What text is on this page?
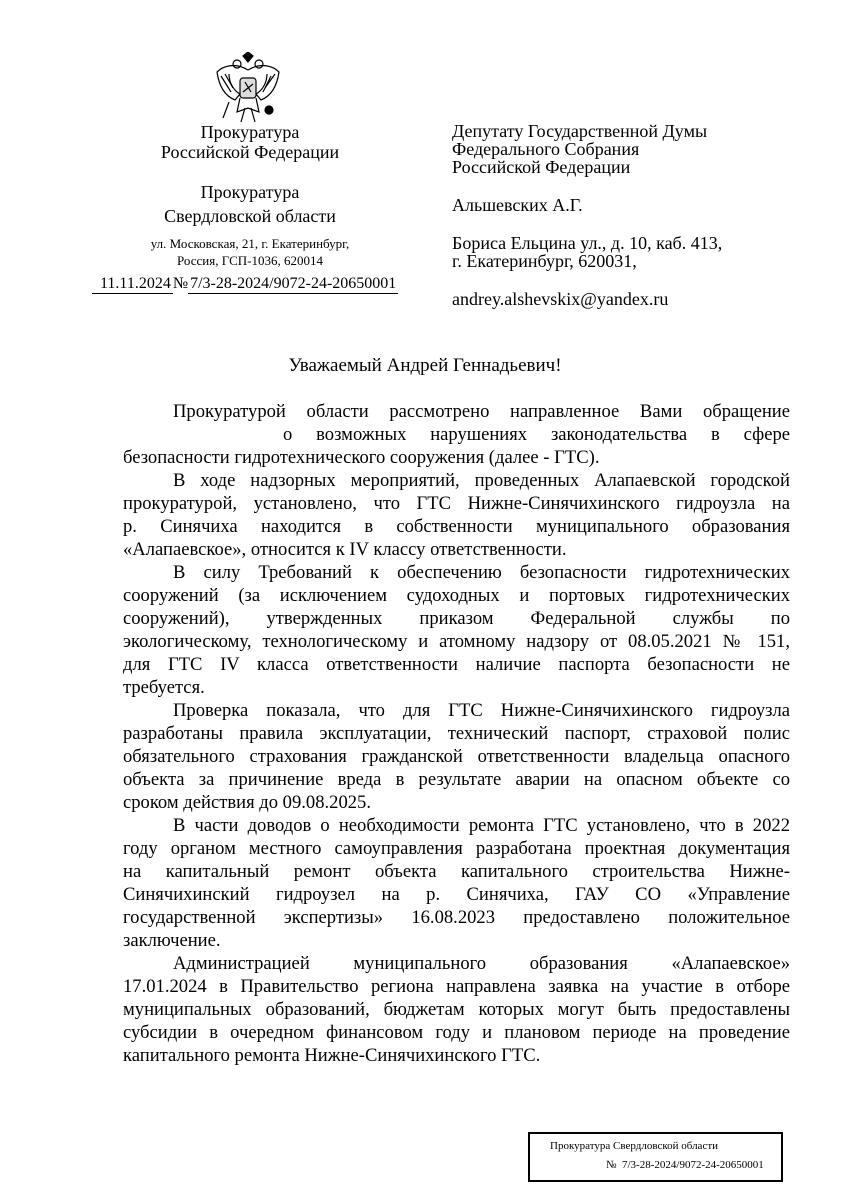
Прокуратура
Российской Федерации
Прокуратура
Свердловской области
ул. Московская, 21, г. Екатеринбург,
Россия, ГСП-1036, 620014
11.11.2024 № 7/3-28-2024/9072-24-20650001
Депутату Государственной Думы
Федерального Собрания
Российской Федерации
Альшевских А.Г.
Бориса Ельцина ул., д. 10, каб. 413,
г. Екатеринбург, 620031,
andrey.alshevskix@yandex.ru
Уважаемый Андрей Геннадьевич!
Прокуратурой области рассмотрено направленное Вами обращение
о возможных нарушениях законодательства в сфере
безопасности гидротехнического сооружения (далее - ГТС).
В ходе надзорных мероприятий, проведенных Алапаевской городской
прокуратурой, установлено, что ГТС Нижне-Синячихинского гидроузла на
р. Синячиха находится в собственности муниципального образования
«Алапаевское», относится к IV классу ответственности.
В силу Требований к обеспечению безопасности гидротехнических
сооружений (за исключением судоходных и портовых гидротехнических
сооружений), утвержденных приказом Федеральной службы по
экологическому, технологическому и атомному надзору от 08.05.2021 № 151,
для ГТС IV класса ответственности наличие паспорта безопасности не
требуется.
Проверка показала, что для ГТС Нижне-Синячихинского гидроузла
разработаны правила эксплуатации, технический паспорт, страховой полис
обязательного страхования гражданской ответственности владельца опасного
объекта за причинение вреда в результате аварии на опасном объекте со
сроком действия до 09.08.2025.
В части доводов о необходимости ремонта ГТС установлено, что в 2022
году органом местного самоуправления разработана проектная документация
на капитальный ремонт объекта капитального строительства Нижне-
Синячихинский гидроузел на р. Синячиха, ГАУ СО «Управление
государственной экспертизы» 16.08.2023 предоставлено положительное
заключение.
Администрацией муниципального образования «Алапаевское»
17.01.2024 в Правительство региона направлена заявка на участие в отборе
муниципальных образований, бюджетам которых могут быть предоставлены
субсидии в очередном финансовом году и плановом периоде на проведение
капитального ремонта Нижне-Синячихинского ГТС.
Прокуратура Свердловской области
№ 7/3-28-2024/9072-24-20650001
